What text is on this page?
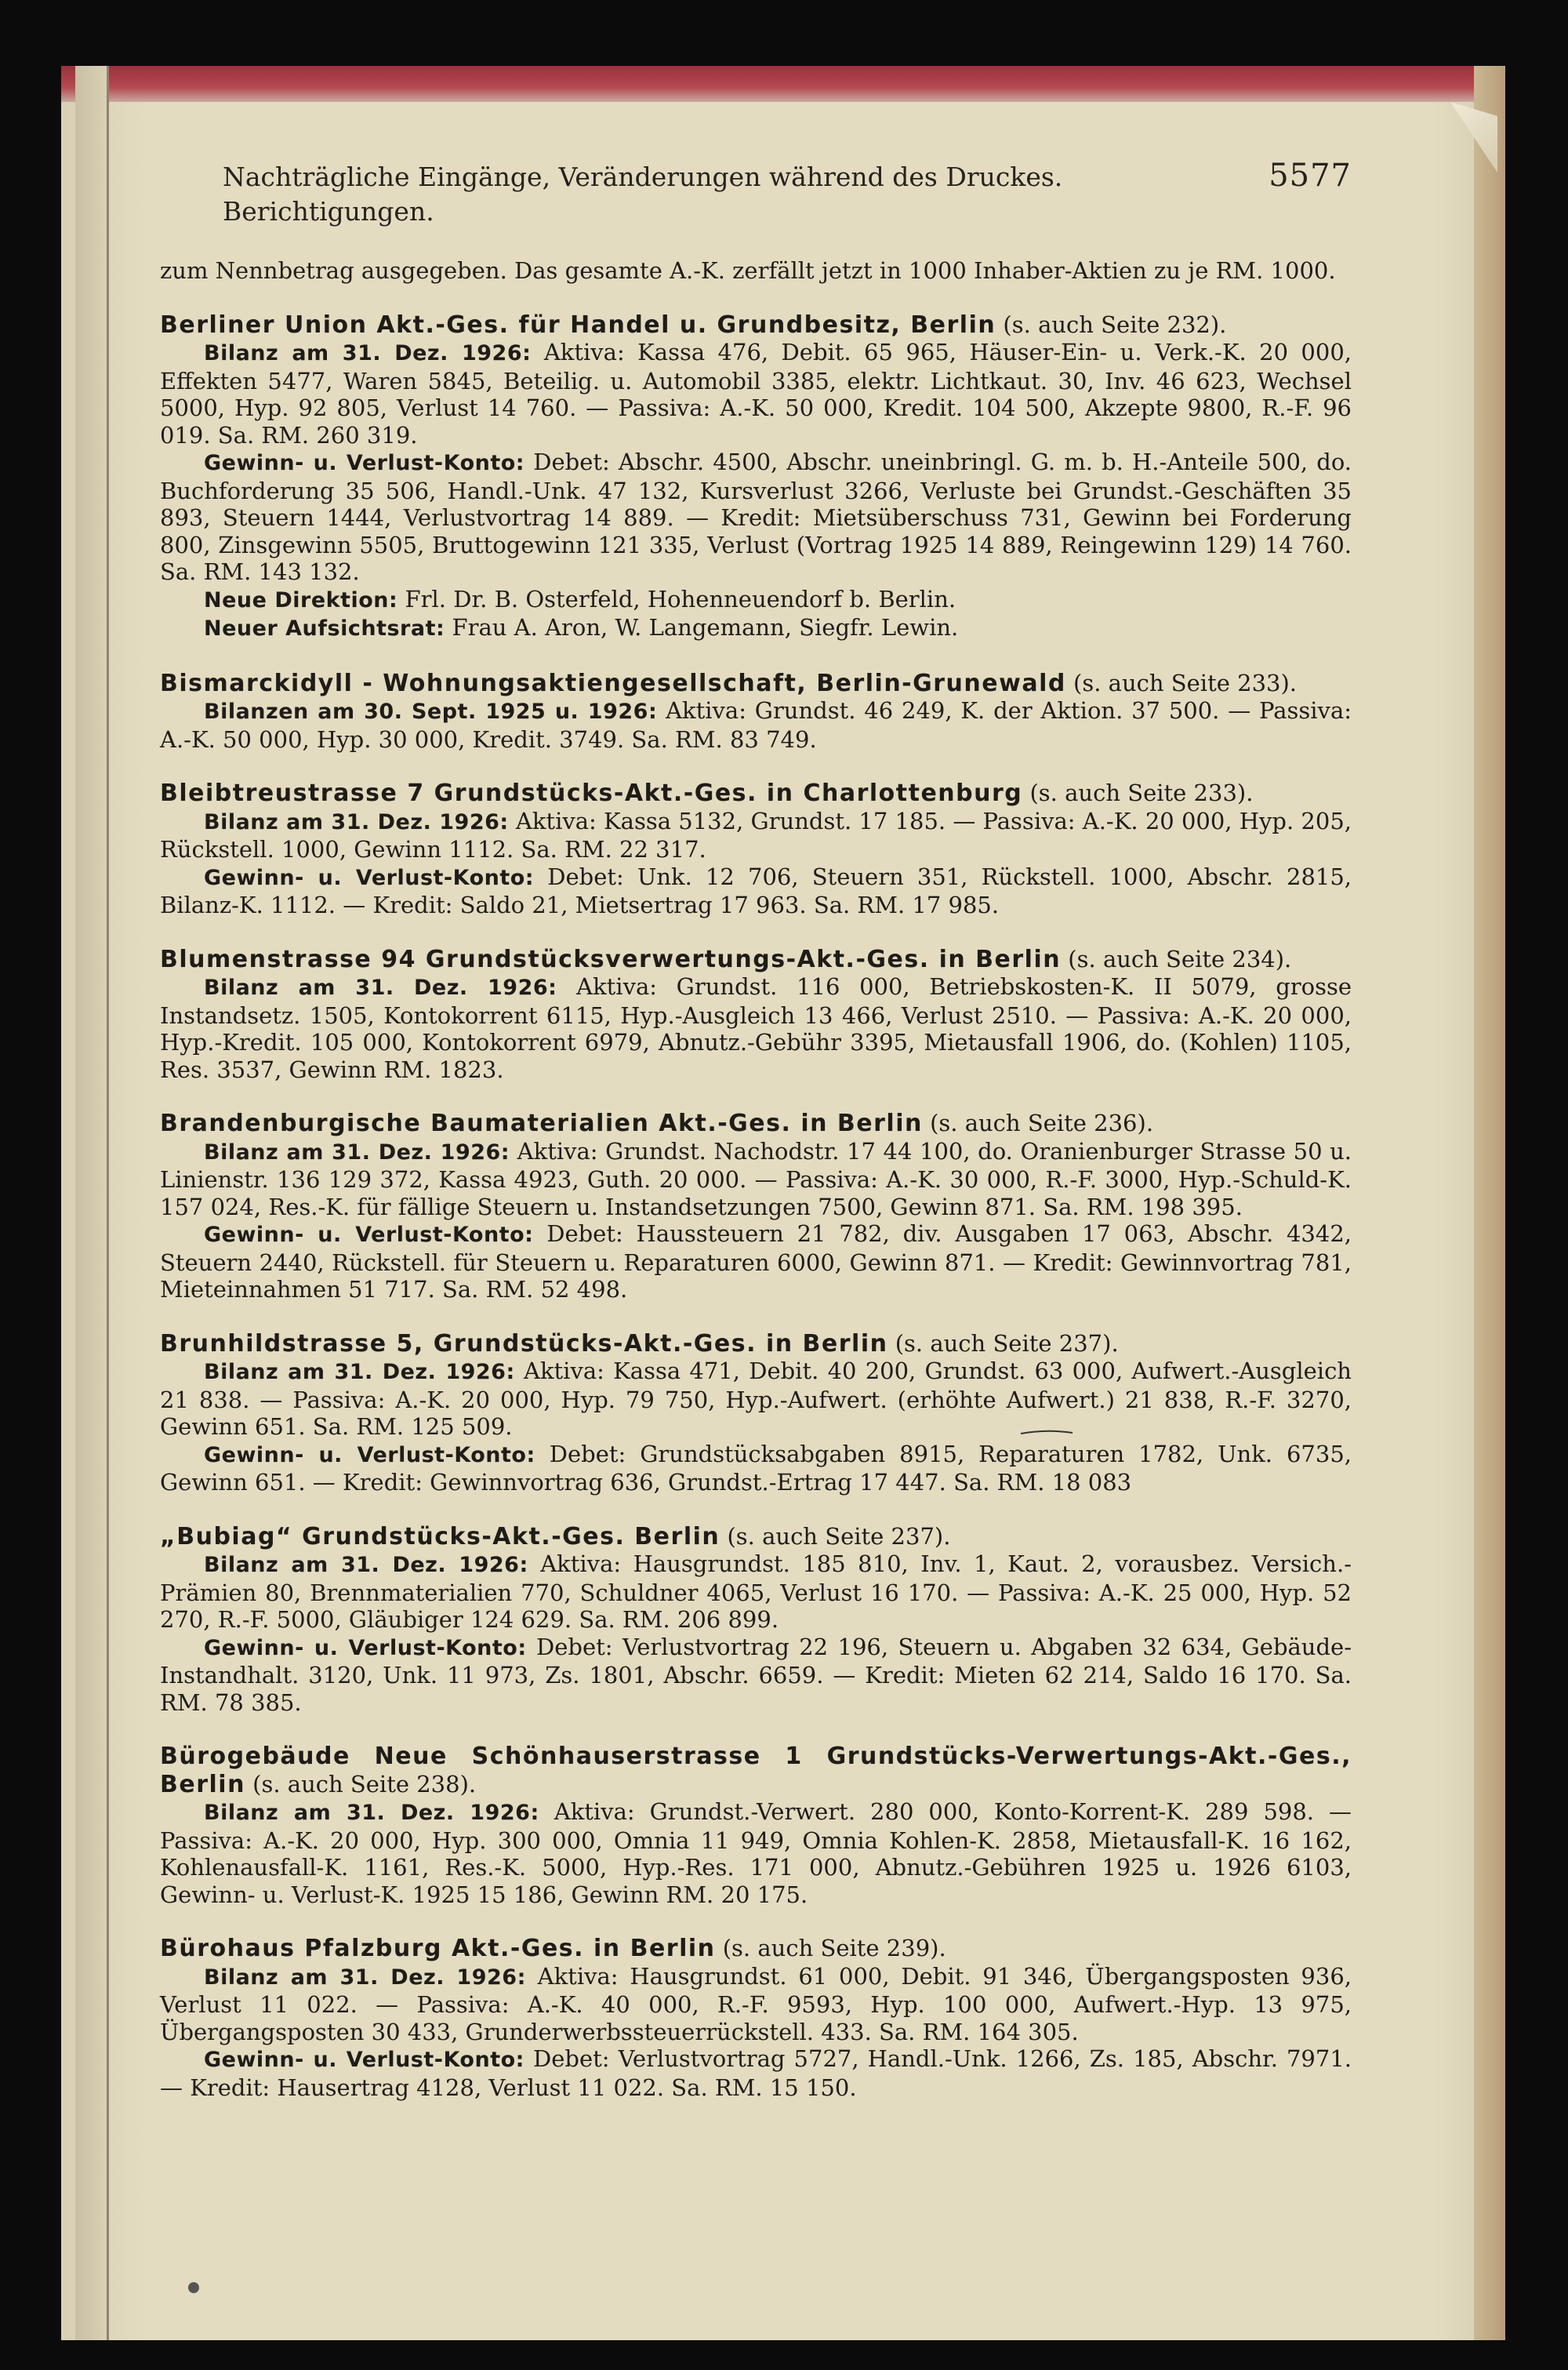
Nachträgliche Eingänge, Veränderungen während des Druckes. Berichtigungen.
5577

zum Nennbetrag ausgegeben. Das gesamte A.-K. zerfällt jetzt in 1000 Inhaber-Aktien zu je RM. 1000.

Berliner Union Akt.-Ges. für Handel u. Grundbesitz, Berlin (s. auch Seite 232).

Bilanz am 31. Dez. 1926: Aktiva: Kassa 476, Debit. 65 965, Häuser-Ein- u. Verk.-K. 20 000, Effekten 5477, Waren 5845, Beteilig. u. Automobil 3385, elektr. Lichtkaut. 30, Inv. 46 623, Wechsel 5000, Hyp. 92 805, Verlust 14 760. — Passiva: A.-K. 50 000, Kredit. 104 500, Akzepte 9800, R.-F. 96 019. Sa. RM. 260 319.

Gewinn- u. Verlust-Konto: Debet: Abschr. 4500, Abschr. uneinbringl. G. m. b. H.-Anteile 500, do. Buchforderung 35 506, Handl.-Unk. 47 132, Kursverlust 3266, Verluste bei Grundst.-Geschäften 35 893, Steuern 1444, Verlustvortrag 14 889. — Kredit: Mietsüberschuss 731, Gewinn bei Forderung 800, Zinsgewinn 5505, Bruttogewinn 121 335, Verlust (Vortrag 1925 14 889, Reingewinn 129) 14 760. Sa. RM. 143 132.

Neue Direktion: Frl. Dr. B. Osterfeld, Hohenneuendorf b. Berlin.

Neuer Aufsichtsrat: Frau A. Aron, W. Langemann, Siegfr. Lewin.

Bismarckidyll - Wohnungsaktiengesellschaft, Berlin-Grunewald (s. auch Seite 233).

Bilanzen am 30. Sept. 1925 u. 1926: Aktiva: Grundst. 46 249, K. der Aktion. 37 500. — Passiva: A.-K. 50 000, Hyp. 30 000, Kredit. 3749. Sa. RM. 83 749.

Bleibtreustrasse 7 Grundstücks-Akt.-Ges. in Charlottenburg (s. auch Seite 233).

Bilanz am 31. Dez. 1926: Aktiva: Kassa 5132, Grundst. 17 185. — Passiva: A.-K. 20 000, Hyp. 205, Rückstell. 1000, Gewinn 1112. Sa. RM. 22 317.

Gewinn- u. Verlust-Konto: Debet: Unk. 12 706, Steuern 351, Rückstell. 1000, Abschr. 2815, Bilanz-K. 1112. — Kredit: Saldo 21, Mietsertrag 17 963. Sa. RM. 17 985.

Blumenstrasse 94 Grundstücksverwertungs-Akt.-Ges. in Berlin (s. auch Seite 234).

Bilanz am 31. Dez. 1926: Aktiva: Grundst. 116 000, Betriebskosten-K. II 5079, grosse Instandsetz. 1505, Kontokorrent 6115, Hyp.-Ausgleich 13 466, Verlust 2510. — Passiva: A.-K. 20 000, Hyp.-Kredit. 105 000, Kontokorrent 6979, Abnutz.-Gebühr 3395, Mietausfall 1906, do. (Kohlen) 1105, Res. 3537, Gewinn RM. 1823.

Brandenburgische Baumaterialien Akt.-Ges. in Berlin (s. auch Seite 236).

Bilanz am 31. Dez. 1926: Aktiva: Grundst. Nachodstr. 17 44 100, do. Oranienburger Strasse 50 u. Linienstr. 136 129 372, Kassa 4923, Guth. 20 000. — Passiva: A.-K. 30 000, R.-F. 3000, Hyp.-Schuld-K. 157 024, Res.-K. für fällige Steuern u. Instandsetzungen 7500, Gewinn 871. Sa. RM. 198 395.

Gewinn- u. Verlust-Konto: Debet: Haussteuern 21 782, div. Ausgaben 17 063, Abschr. 4342, Steuern 2440, Rückstell. für Steuern u. Reparaturen 6000, Gewinn 871. — Kredit: Gewinnvortrag 781, Mieteinnahmen 51 717. Sa. RM. 52 498.

Brunhildstrasse 5, Grundstücks-Akt.-Ges. in Berlin (s. auch Seite 237).

Bilanz am 31. Dez. 1926: Aktiva: Kassa 471, Debit. 40 200, Grundst. 63 000, Aufwert.-Ausgleich 21 838. — Passiva: A.-K. 20 000, Hyp. 79 750, Hyp.-Aufwert. (erhöhte Aufwert.) 21 838, R.-F. 3270, Gewinn 651. Sa. RM. 125 509.

Gewinn- u. Verlust-Konto: Debet: Grundstücksabgaben 8915, Reparaturen 1782, Unk. 6735, Gewinn 651. — Kredit: Gewinnvortrag 636, Grundst.-Ertrag 17 447. Sa. RM. 18 083

„Bubiag“ Grundstücks-Akt.-Ges. Berlin (s. auch Seite 237).

Bilanz am 31. Dez. 1926: Aktiva: Hausgrundst. 185 810, Inv. 1, Kaut. 2, vorausbez. Versich.-Prämien 80, Brennmaterialien 770, Schuldner 4065, Verlust 16 170. — Passiva: A.-K. 25 000, Hyp. 52 270, R.-F. 5000, Gläubiger 124 629. Sa. RM. 206 899.

Gewinn- u. Verlust-Konto: Debet: Verlustvortrag 22 196, Steuern u. Abgaben 32 634, Gebäude-Instandhalt. 3120, Unk. 11 973, Zs. 1801, Abschr. 6659. — Kredit: Mieten 62 214, Saldo 16 170. Sa. RM. 78 385.

Bürogebäude Neue Schönhauserstrasse 1 Grundstücks-Verwertungs-Akt.-Ges., Berlin (s. auch Seite 238).

Bilanz am 31. Dez. 1926: Aktiva: Grundst.-Verwert. 280 000, Konto-Korrent-K. 289 598. — Passiva: A.-K. 20 000, Hyp. 300 000, Omnia 11 949, Omnia Kohlen-K. 2858, Mietausfall-K. 16 162, Kohlenausfall-K. 1161, Res.-K. 5000, Hyp.-Res. 171 000, Abnutz.-Gebühren 1925 u. 1926 6103, Gewinn- u. Verlust-K. 1925 15 186, Gewinn RM. 20 175.

Bürohaus Pfalzburg Akt.-Ges. in Berlin (s. auch Seite 239).

Bilanz am 31. Dez. 1926: Aktiva: Hausgrundst. 61 000, Debit. 91 346, Übergangsposten 936, Verlust 11 022. — Passiva: A.-K. 40 000, R.-F. 9593, Hyp. 100 000, Aufwert.-Hyp. 13 975, Übergangsposten 30 433, Grunderwerbssteuerrückstell. 433. Sa. RM. 164 305.

Gewinn- u. Verlust-Konto: Debet: Verlustvortrag 5727, Handl.-Unk. 1266, Zs. 185, Abschr. 7971. — Kredit: Hausertrag 4128, Verlust 11 022. Sa. RM. 15 150.
